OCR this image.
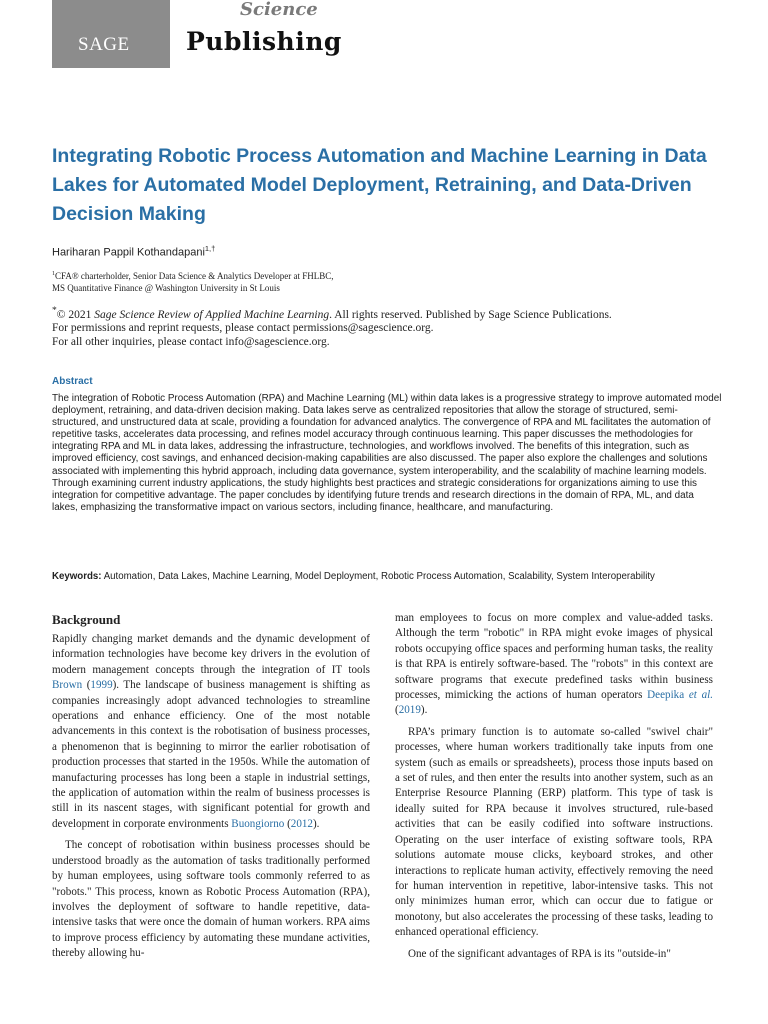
SAGE
Science
Publishing
Integrating Robotic Process Automation and Machine Learning in Data Lakes for Automated Model Deployment, Retraining, and Data-Driven Decision Making
Hariharan Pappil Kothandapani$^{1,\dagger}$
$^1$CFA® charterholder, Senior Data Science & Analytics Developer at FHLBC,
MS Quantitative Finance @ Washington University in St Louis
*© 2021 Sage Science Review of Applied Machine Learning. All rights reserved. Published by Sage Science Publications.
For permissions and reprint requests, please contact permissions@sagescience.org.
For all other inquiries, please contact info@sagescience.org.
Abstract

The integration of Robotic Process Automation (RPA) and Machine Learning (ML) within data lakes is a progressive strategy to improve automated model deployment, retraining, and data-driven decision making. Data lakes serve as centralized repositories that allow the storage of structured, semi-structured, and unstructured data at scale, providing a foundation for advanced analytics. The convergence of RPA and ML facilitates the automation of repetitive tasks, accelerates data processing, and refines model accuracy through continuous learning. This paper discusses the methodologies for integrating RPA and ML in data lakes, addressing the infrastructure, technologies, and workflows involved. The benefits of this integration, such as improved efficiency, cost savings, and enhanced decision-making capabilities are also discussed. The paper also explore the challenges and solutions associated with implementing this hybrid approach, including data governance, system interoperability, and the scalability of machine learning models. Through examining current industry applications, the study highlights best practices and strategic considerations for organizations aiming to use this integration for competitive advantage. The paper concludes by identifying future trends and research directions in the domain of RPA, ML, and data lakes, emphasizing the transformative impact on various sectors, including finance, healthcare, and manufacturing.

Keywords: Automation, Data Lakes, Machine Learning, Model Deployment, Robotic Process Automation, Scalability, System Interoperability
Background

Rapidly changing market demands and the dynamic development of information technologies have become key drivers in the evolution of modern management concepts through the integration of IT tools Brown (1999). The landscape of business management is shifting as companies increasingly adopt advanced technologies to streamline operations and enhance efficiency. One of the most notable advancements in this context is the robotisation of business processes, a phenomenon that is beginning to mirror the earlier robotisation of production processes that started in the 1950s. While the automation of manufacturing processes has long been a staple in industrial settings, the application of automation within the realm of business processes is still in its nascent stages, with significant potential for growth and development in corporate environments Buongiorno (2012).

The concept of robotisation within business processes should be understood broadly as the automation of tasks traditionally performed by human employees, using software tools commonly referred to as "robots." This process, known as Robotic Process Automation (RPA), involves the deployment of software to handle repetitive, data-intensive tasks that were once the domain of human workers. RPA aims to improve process efficiency by automating these mundane activities, thereby allowing hu-

man employees to focus on more complex and value-added tasks. Although the term "robotic" in RPA might evoke images of physical robots occupying office spaces and performing human tasks, the reality is that RPA is entirely software-based. The "robots" in this context are software programs that execute predefined tasks within business processes, mimicking the actions of human operators Deepika et al. (2019).

RPA’s primary function is to automate so-called "swivel chair" processes, where human workers traditionally take inputs from one system (such as emails or spreadsheets), process those inputs based on a set of rules, and then enter the results into another system, such as an Enterprise Resource Planning (ERP) platform. This type of task is ideally suited for RPA because it involves structured, rule-based activities that can be easily codified into software instructions. Operating on the user interface of existing software tools, RPA solutions automate mouse clicks, keyboard strokes, and other interactions to replicate human activity, effectively removing the need for human intervention in repetitive, labor-intensive tasks. This not only minimizes human error, which can occur due to fatigue or monotony, but also accelerates the processing of these tasks, leading to enhanced operational efficiency.

One of the significant advantages of RPA is its "outside-in"
